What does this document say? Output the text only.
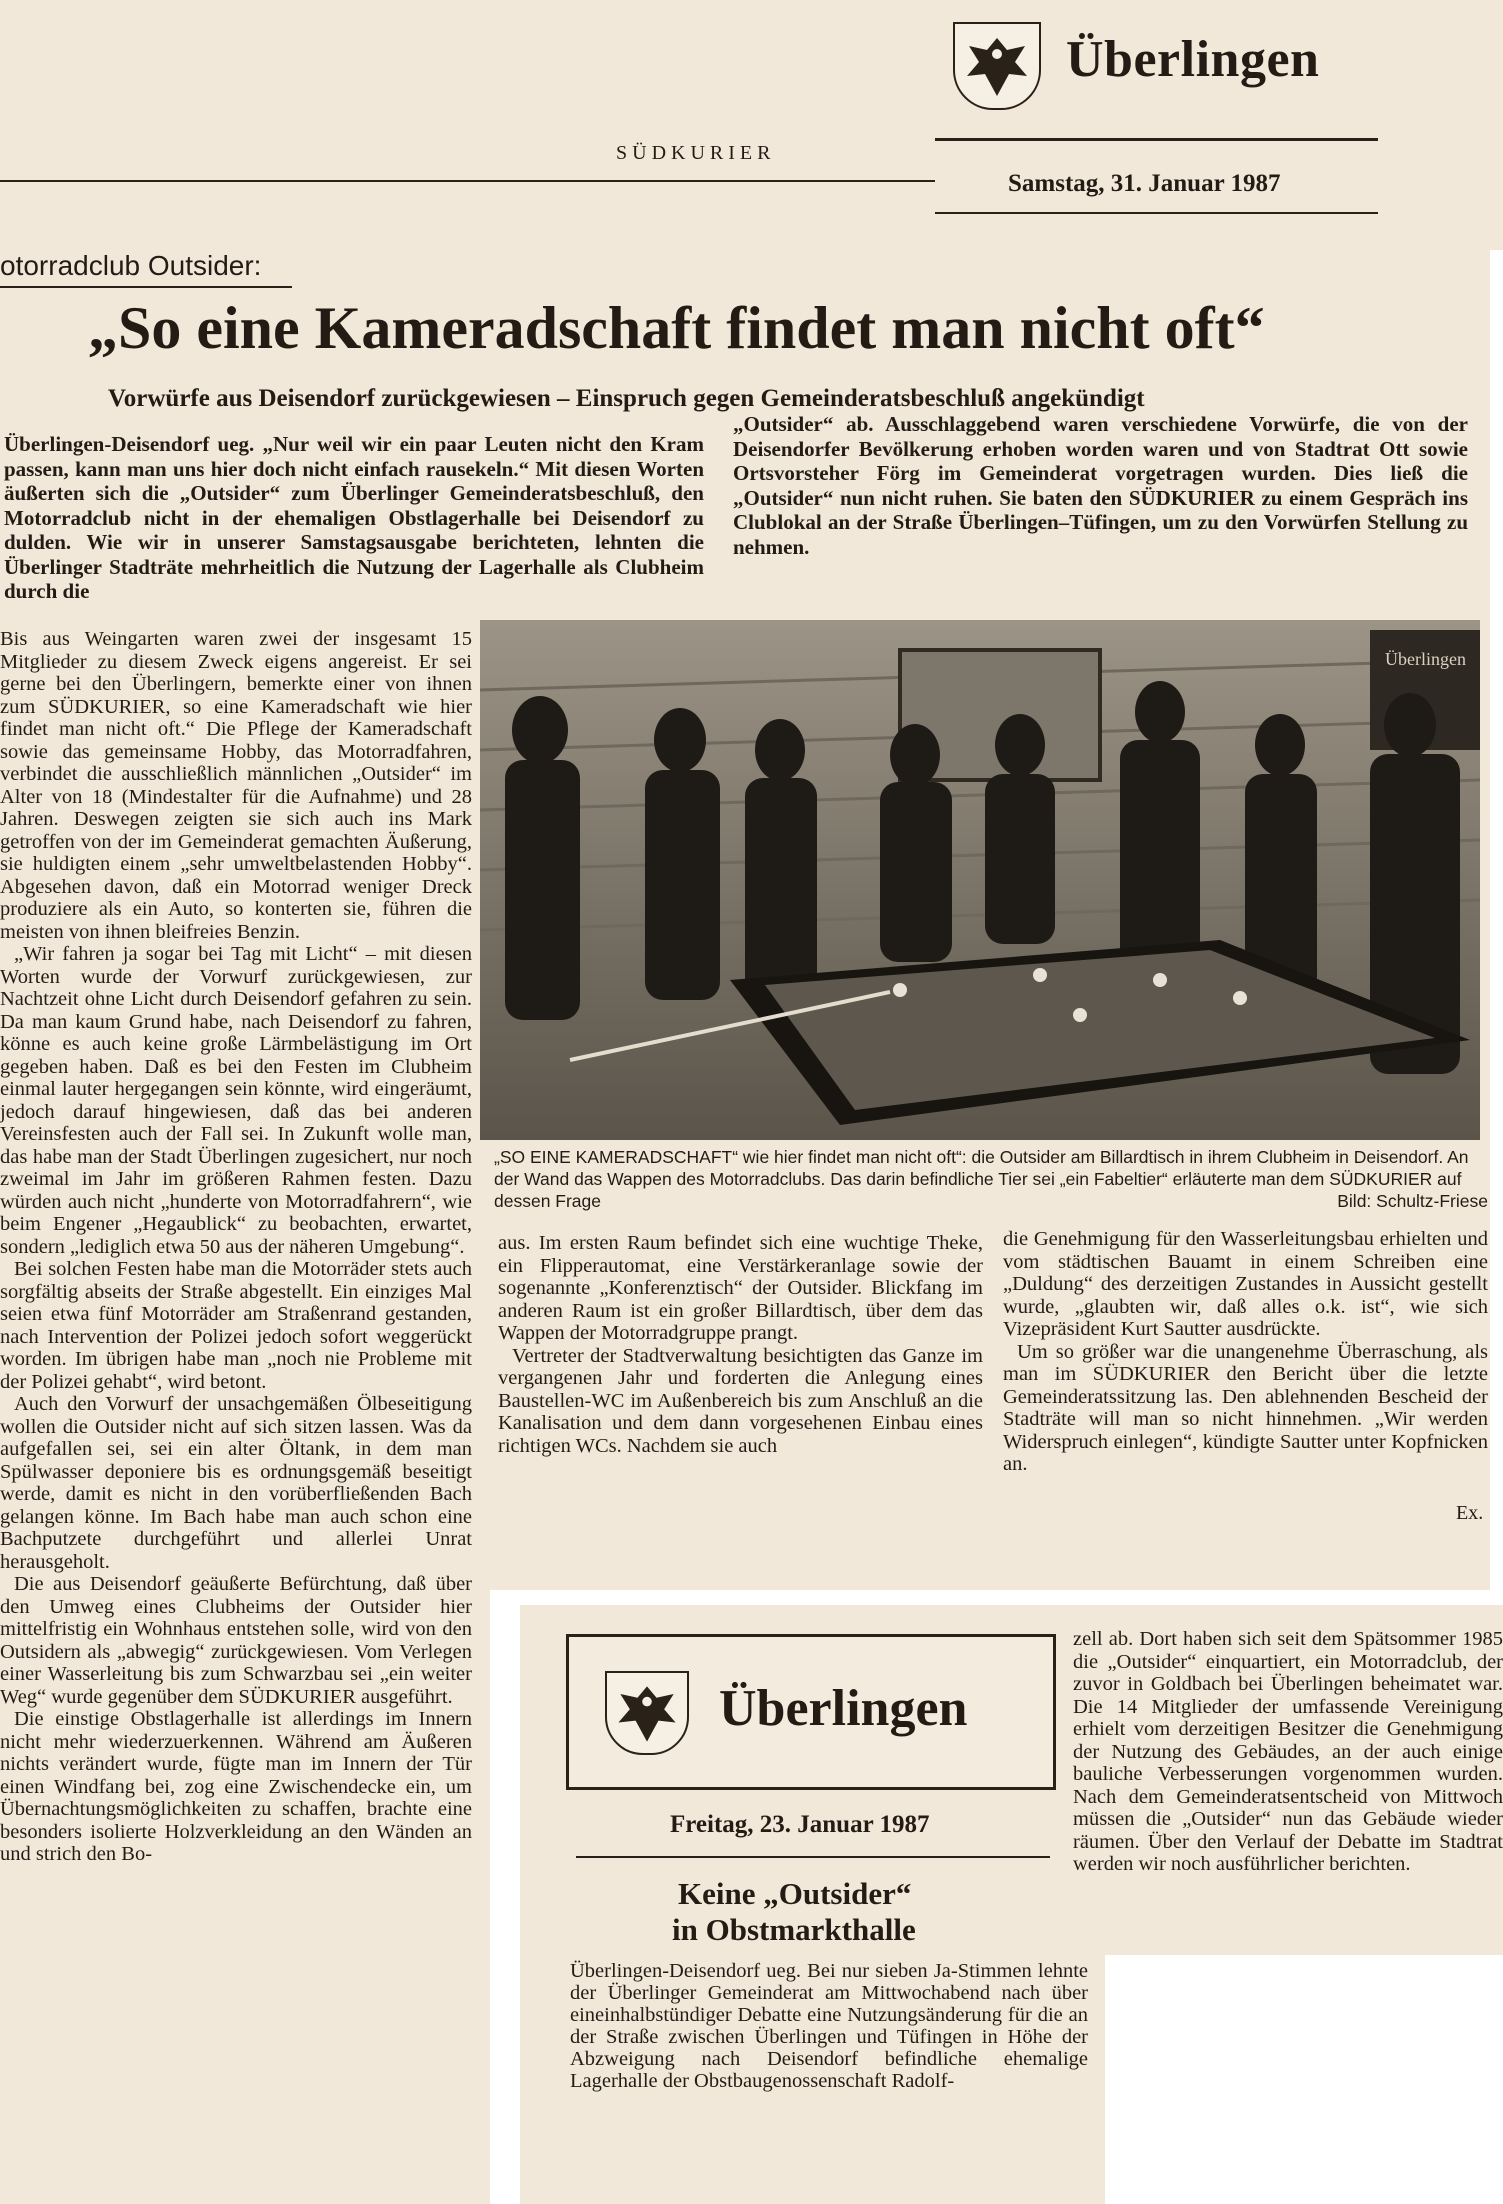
Überlingen
SÜDKURIER
Samstag, 31. Januar 1987
otorradclub Outsider:
„So eine Kameradschaft findet man nicht oft“
Vorwürfe aus Deisendorf zurückgewiesen – Einspruch gegen Gemeinderatsbeschluß angekündigt
Überlingen-Deisendorf ueg. „Nur weil wir ein paar Leuten nicht den Kram passen, kann man uns hier doch nicht einfach rausekeln.“ Mit diesen Worten äußerten sich die „Outsider“ zum Überlinger Gemeinderatsbeschluß, den Motorradclub nicht in der ehemaligen Obstlagerhalle bei Deisendorf zu dulden. Wie wir in unserer Samstagsausgabe berichteten, lehnten die Überlinger Stadträte mehrheitlich die Nutzung der Lagerhalle als Clubheim durch die
„Outsider“ ab. Ausschlaggebend waren verschiedene Vorwürfe, die von der Deisendorfer Bevölkerung erhoben worden waren und von Stadtrat Ott sowie Ortsvorsteher Förg im Gemeinderat vorgetragen wurden. Dies ließ die „Outsider“ nun nicht ruhen. Sie baten den SÜDKURIER zu einem Gespräch ins Clublokal an der Straße Überlingen–Tüfingen, um zu den Vorwürfen Stellung zu nehmen.

Bis aus Weingarten waren zwei der insgesamt 15 Mitglieder zu diesem Zweck eigens angereist. Er sei gerne bei den Überlingern, bemerkte einer von ihnen zum SÜDKURIER, so eine Kameradschaft wie hier findet man nicht oft.“ Die Pflege der Kameradschaft sowie das gemeinsame Hobby, das Motorradfahren, verbindet die ausschließlich männlichen „Outsider“ im Alter von 18 (Mindestalter für die Aufnahme) und 28 Jahren. Deswegen zeigten sie sich auch ins Mark getroffen von der im Gemeinderat gemachten Äußerung, sie huldigten einem „sehr umweltbelastenden Hobby“. Abgesehen davon, daß ein Motorrad weniger Dreck produziere als ein Auto, so konterten sie, führen die meisten von ihnen bleifreies Benzin.

„Wir fahren ja sogar bei Tag mit Licht“ – mit diesen Worten wurde der Vorwurf zurückgewiesen, zur Nachtzeit ohne Licht durch Deisendorf gefahren zu sein. Da man kaum Grund habe, nach Deisendorf zu fahren, könne es auch keine große Lärmbelästigung im Ort gegeben haben. Daß es bei den Festen im Clubheim einmal lauter hergegangen sein könnte, wird eingeräumt, jedoch darauf hingewiesen, daß das bei anderen Vereinsfesten auch der Fall sei. In Zukunft wolle man, das habe man der Stadt Überlingen zugesichert, nur noch zweimal im Jahr im größeren Rahmen festen. Dazu würden auch nicht „hunderte von Motorradfahrern“, wie beim Engener „Hegaublick“ zu beobachten, erwartet, sondern „lediglich etwa 50 aus der näheren Umgebung“.

Bei solchen Festen habe man die Motorräder stets auch sorgfältig abseits der Straße abgestellt. Ein einziges Mal seien etwa fünf Motorräder am Straßenrand gestanden, nach Intervention der Polizei jedoch sofort weggerückt worden. Im übrigen habe man „noch nie Probleme mit der Polizei gehabt“, wird betont.

Auch den Vorwurf der unsachgemäßen Ölbeseitigung wollen die Outsider nicht auf sich sitzen lassen. Was da aufgefallen sei, sei ein alter Öltank, in dem man Spülwasser deponiere bis es ordnungsgemäß beseitigt werde, damit es nicht in den vorüberfließenden Bach gelangen könne. Im Bach habe man auch schon eine Bachputzete durchgeführt und allerlei Unrat herausgeholt.

Die aus Deisendorf geäußerte Befürchtung, daß über den Umweg eines Clubheims der Outsider hier mittelfristig ein Wohnhaus entstehen solle, wird von den Outsidern als „abwegig“ zurückgewiesen. Vom Verlegen einer Wasserleitung bis zum Schwarzbau sei „ein weiter Weg“ wurde gegenüber dem SÜDKURIER ausgeführt.

Die einstige Obstlagerhalle ist allerdings im Innern nicht mehr wiederzuerkennen. Während am Äußeren nichts verändert wurde, fügte man im Innern der Tür einen Windfang bei, zog eine Zwischendecke ein, um Übernachtungsmöglichkeiten zu schaffen, brachte eine besonders isolierte Holzverkleidung an den Wänden an und strich den Bo-

Überlingen
„SO EINE KAMERADSCHAFT“ wie hier findet man nicht oft“: die Outsider am Billardtisch in ihrem Clubheim in Deisendorf. An der Wand das Wappen des Motorradclubs. Das darin befindliche Tier sei „ein Fabeltier“ erläuterte man dem SÜDKURIER auf dessen Frage	Bild: Schultz-Friese

aus. Im ersten Raum befindet sich eine wuchtige Theke, ein Flipperautomat, eine Verstärkeranlage sowie der sogenannte „Konferenztisch“ der Outsider. Blickfang im anderen Raum ist ein großer Billardtisch, über dem das Wappen der Motorradgruppe prangt.

Vertreter der Stadtverwaltung besichtigten das Ganze im vergangenen Jahr und forderten die Anlegung eines Baustellen-WC im Außenbereich bis zum Anschluß an die Kanalisation und dem dann vorgesehenen Einbau eines richtigen WCs. Nachdem sie auch

die Genehmigung für den Wasserleitungsbau erhielten und vom städtischen Bauamt in einem Schreiben eine „Duldung“ des derzeitigen Zustandes in Aussicht gestellt wurde, „glaubten wir, daß alles o.k. ist“, wie sich Vizepräsident Kurt Sautter ausdrückte.

Um so größer war die unangenehme Überraschung, als man im SÜDKURIER den Bericht über die letzte Gemeinderatssitzung las. Den ablehnenden Bescheid der Stadträte will man so nicht hinnehmen. „Wir werden Widerspruch einlegen“, kündigte Sautter unter Kopfnicken an.

Ex.
Überlingen
Freitag, 23. Januar 1987
Keine „Outsider“
in Obstmarkthalle
Überlingen-Deisendorf ueg. Bei nur sieben Ja-Stimmen lehnte der Überlinger Gemeinderat am Mittwochabend nach über eineinhalbstündiger Debatte eine Nutzungsänderung für die an der Straße zwischen Überlingen und Tüfingen in Höhe der Abzweigung nach Deisendorf befindliche ehemalige Lagerhalle der Obstbaugenossenschaft Radolf-
zell ab. Dort haben sich seit dem Spätsommer 1985 die „Outsider“ einquartiert, ein Motorradclub, der zuvor in Goldbach bei Überlingen beheimatet war. Die 14 Mitglieder der umfassende Vereinigung erhielt vom derzeitigen Besitzer die Genehmigung der Nutzung des Gebäudes, an der auch einige bauliche Verbesserungen vorgenommen wurden. Nach dem Gemeinderatsentscheid von Mittwoch müssen die „Outsider“ nun das Gebäude wieder räumen. Über den Verlauf der Debatte im Stadtrat werden wir noch ausführlicher berichten.
